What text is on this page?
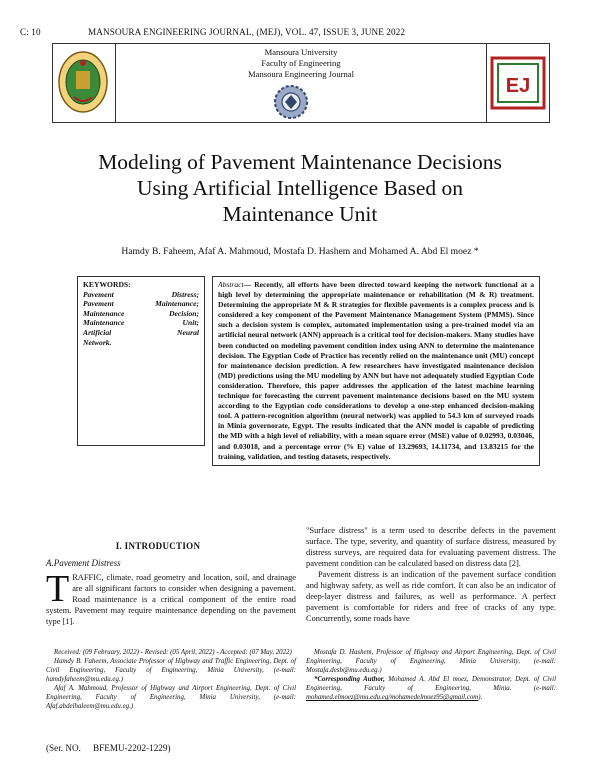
C: 10	MANSOURA ENGINEERING JOURNAL, (MEJ), VOL. 47, ISSUE 3, JUNE 2022
Mansoura University
Faculty of Engineering
Mansoura Engineering Journal
EJ
Modeling of Pavement Maintenance Decisions
Using Artificial Intelligence Based on
Maintenance Unit
Hamdy B. Faheem, Afaf A. Mahmoud, Mostafa D. Hashem and Mohamed A. Abd El moez *
KEYWORDS:
Pavement Distress;
Pavement Maintenance;
Maintenance Decision;
Maintenance Unit;
Artificial Neural
Network.
Abstract— Recently, all efforts have been directed toward keeping the network functional at a high level by determining the appropriate maintenance or rehabilitation (M & R) treatment. Determining the appropriate M & R strategies for flexible pavements is a complex process and is considered a key component of the Pavement Maintenance Management System (PMMS). Since such a decision system is complex, automated implementation using a pre-trained model via an artificial neural network (ANN) approach is a critical tool for decision-makers. Many studies have been conducted on modeling pavement condition index using ANN to determine the maintenance decision. The Egyptian Code of Practice has recently relied on the maintenance unit (MU) concept for maintenance decision prediction. A few researchers have investigated maintenance decision (MD) predictions using the MU modeling by ANN but have not adequately studied Egyptian Code consideration. Therefore, this paper addresses the application of the latest machine learning technique for forecasting the current pavement maintenance decisions based on the MU system according to the Egyptian code considerations to develop a one-step enhanced decision-making tool. A pattern-recognition algorithm (neural network) was applied to 54.3 km of surveyed roads in Minia governorate, Egypt. The results indicated that the ANN model is capable of predicting the MD with a high level of reliability, with a mean square error (MSE) value of 0.02993, 0.03046, and 0.03018, and a percentage error (% E) value of 13.29693, 14.11734, and 13.83215 for the training, validation, and testing datasets, respectively.
I. INTRODUCTION
A.Pavement Distress
TRAFFIC, climate, road geometry and location, soil, and drainage are all significant factors to consider when designing a pavement. Road maintenance is a critical component of the entire road system. Pavement may require maintenance depending on the pavement type [1].

"Surface distress" is a term used to describe defects in the pavement surface. The type, severity, and quantity of surface distress, measured by distress surveys, are required data for evaluating pavement distress. The pavement condition can be calculated based on distress data [2].

Pavement distress is an indication of the pavement surface condition and highway safety, as well as ride comfort. It can also be an indicator of deep-layer distress and failures, as well as performance. A perfect pavement is comfortable for riders and free of cracks of any type. Concurrently, some roads have

Received: (09 February, 2022) - Revised: (05 April, 2022) - Accepted: (07 May, 2022)

Hamdy B. Faheem, Associate Professor of Highway and Traffic Engineering, Dept. of Civil Engineering, Faculty of Engineering, Minia University, (e-mail: hamdyfaheem@mu.edu.eg.)

Afaf A. Mahmoud, Professor of Highway and Airport Engineering, Dept. of Civil Engineering, Faculty of Engineering, Minia University, (e-mail: Afaf.abdelhaleem@mu.edu.eg.)

Mostafa D. Hashem, Professor of Highway and Airport Engineering, Dept. of Civil Engineering, Faculty of Engineering, Minia University, (e-mail: Mostafa.desb@mu.edu.eg.)

*Corresponding Author, Mohamed A. Abd El moez, Demonstrator, Dept. of Civil Engineering, Faculty of Engineering, Minia. (e-mail: mohamed.elmoez@mu.edu.eg/mohamedelmoez95@gmail.com).

(Ser. NO. BFEMU-2202-1229)
